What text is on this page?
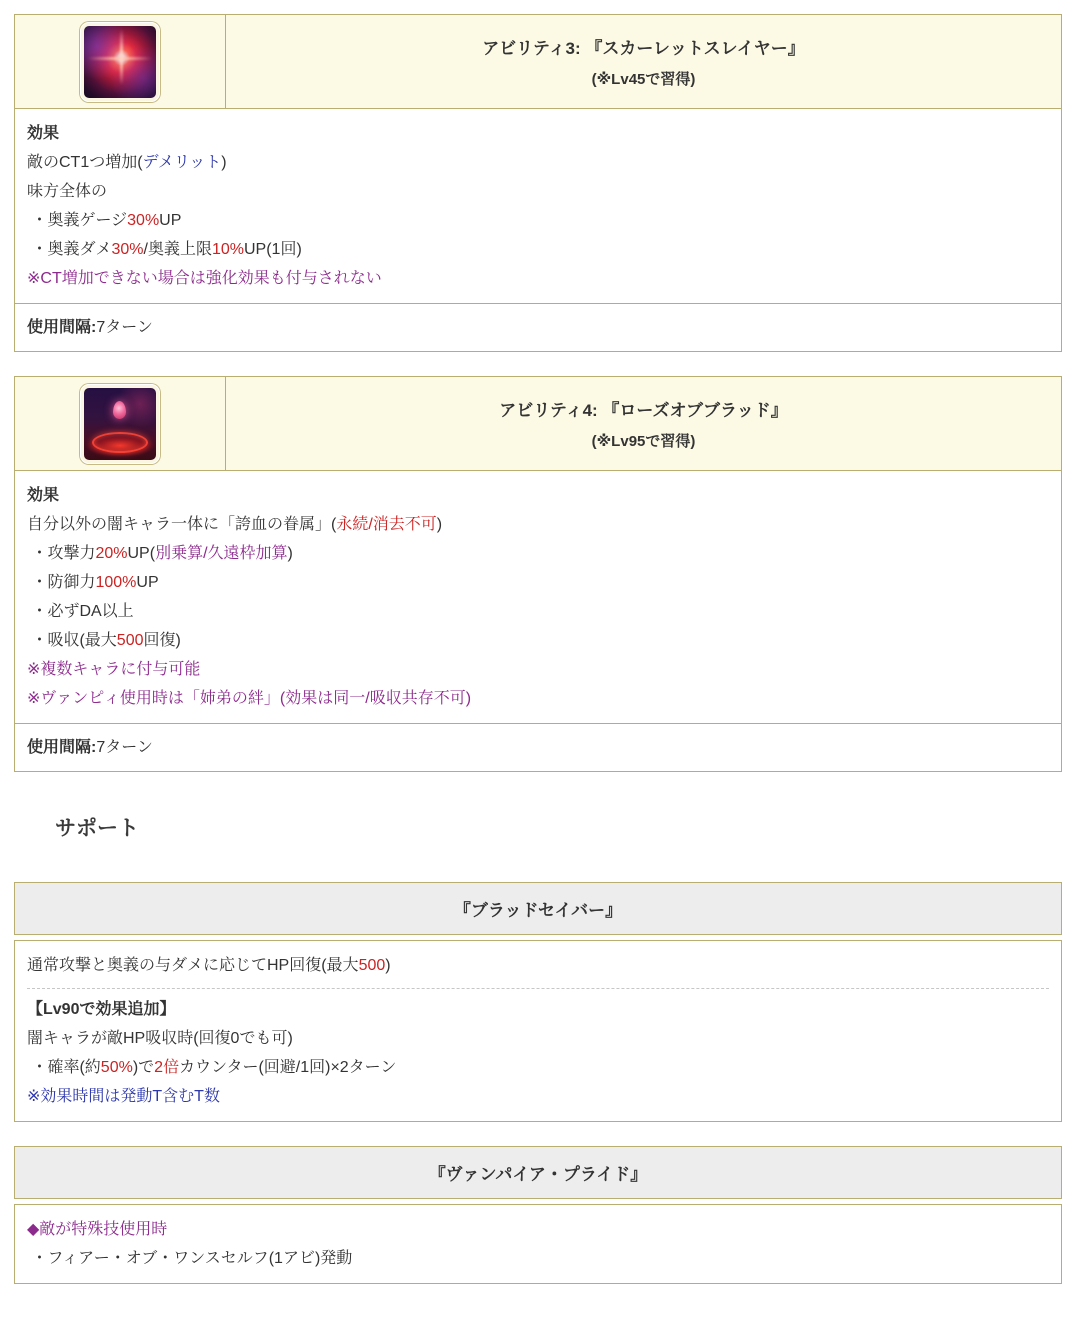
アビリティ3: 『スカーレットスレイヤー』
(※Lv45で習得)
効果
敵のCT1つ増加(デメリット)
味方全体の
・奥義ゲージ30%UP
・奥義ダメ30%/奥義上限10%UP(1回)
※CT増加できない場合は強化効果も付与されない
使用間隔:7ターン
アビリティ4: 『ローズオブブラッド』
(※Lv95で習得)
効果
自分以外の闇キャラ一体に「誇血の眷属」(永続/消去不可)
・攻撃力20%UP(別乗算/久遠枠加算)
・防御力100%UP
・必ずDA以上
・吸収(最大500回復)
※複数キャラに付与可能
※ヴァンピィ使用時は「姉弟の絆」(効果は同一/吸収共存不可)
使用間隔:7ターン
サポート
『ブラッドセイバー』
通常攻撃と奥義の与ダメに応じてHP回復(最大500)
【Lv90で効果追加】
闇キャラが敵HP吸収時(回復0でも可)
・確率(約50%)で2倍カウンター(回避/1回)×2ターン
※効果時間は発動T含むT数
『ヴァンパイア・プライド』
◆敵が特殊技使用時
・フィアー・オブ・ワンスセルフ(1アビ)発動
